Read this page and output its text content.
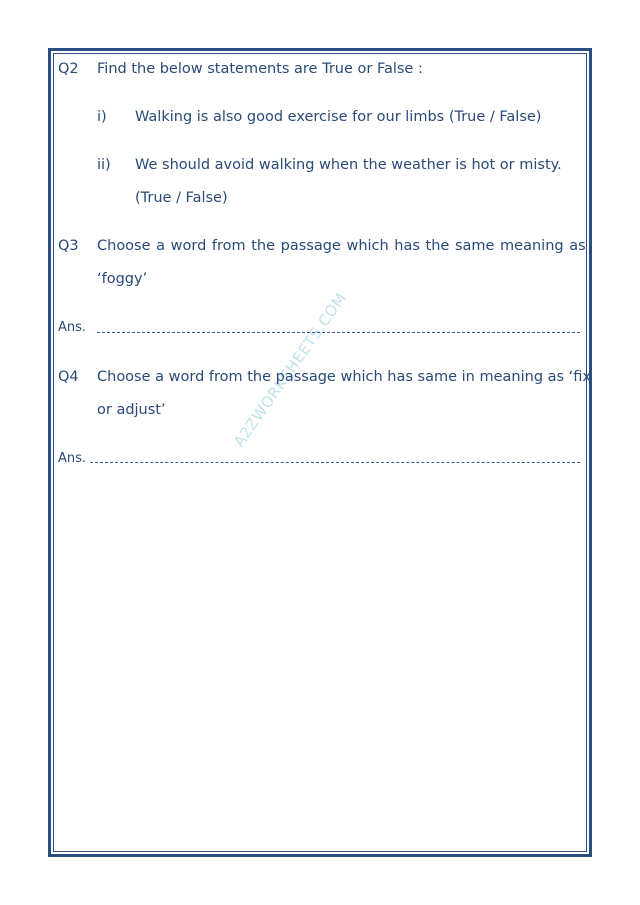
A2ZWORKSHEETS.COM
Q2 Find the below statements are True or False :
i) Walking is also good exercise for our limbs (True / False)
ii) We should avoid walking when the weather is hot or misty.
(True / False)
Q3 Choose a word from the passage which has the same meaning as
‘foggy’
Ans.
Q4 Choose a word from the passage which has same in meaning as ‘fix
or adjust’
Ans.
